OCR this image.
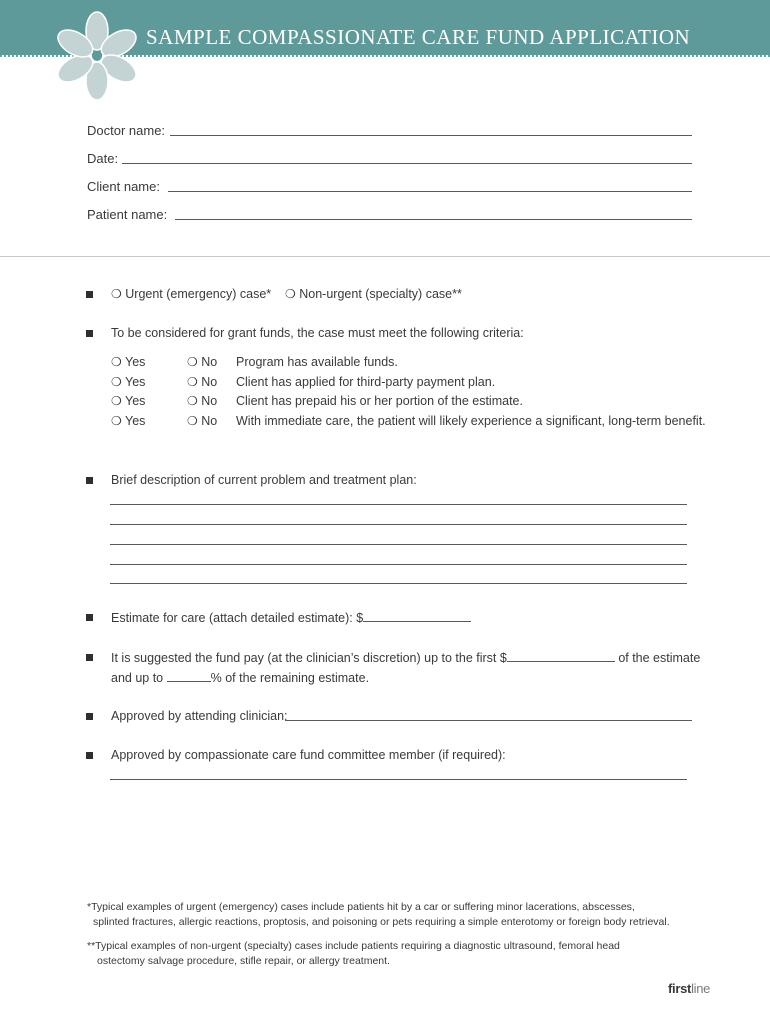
SAMPLE COMPASSIONATE CARE FUND APPLICATION
Doctor name:
Date:
Client name:
Patient name:
❍ Urgent (emergency) case* ❍ Non-urgent (specialty) case**
To be considered for grant funds, the case must meet the following criteria:
❍ Yes	❍ No Program has available funds.
❍ Yes	❍ No Client has applied for third-party payment plan.
❍ Yes	❍ No Client has prepaid his or her portion of the estimate.
❍ Yes	❍ No With immediate care, the patient will likely experience a significant, long-term benefit.
Brief description of current problem and treatment plan:
Estimate for care (attach detailed estimate): $
It is suggested the fund pay (at the clinician’s discretion) up to the first $	of the estimate
and up to	% of the remaining estimate.
Approved by attending clinician:
Approved by compassionate care fund committee member (if required):
*Typical examples of urgent (emergency) cases include patients hit by a car or suffering minor lacerations, abscesses,
splinted fractures, allergic reactions, proptosis, and poisoning or pets requiring a simple enterotomy or foreign body retrieval.
**Typical examples of non-urgent (specialty) cases include patients requiring a diagnostic ultrasound, femoral head
ostectomy salvage procedure, stifle repair, or allergy treatment.
firstline
